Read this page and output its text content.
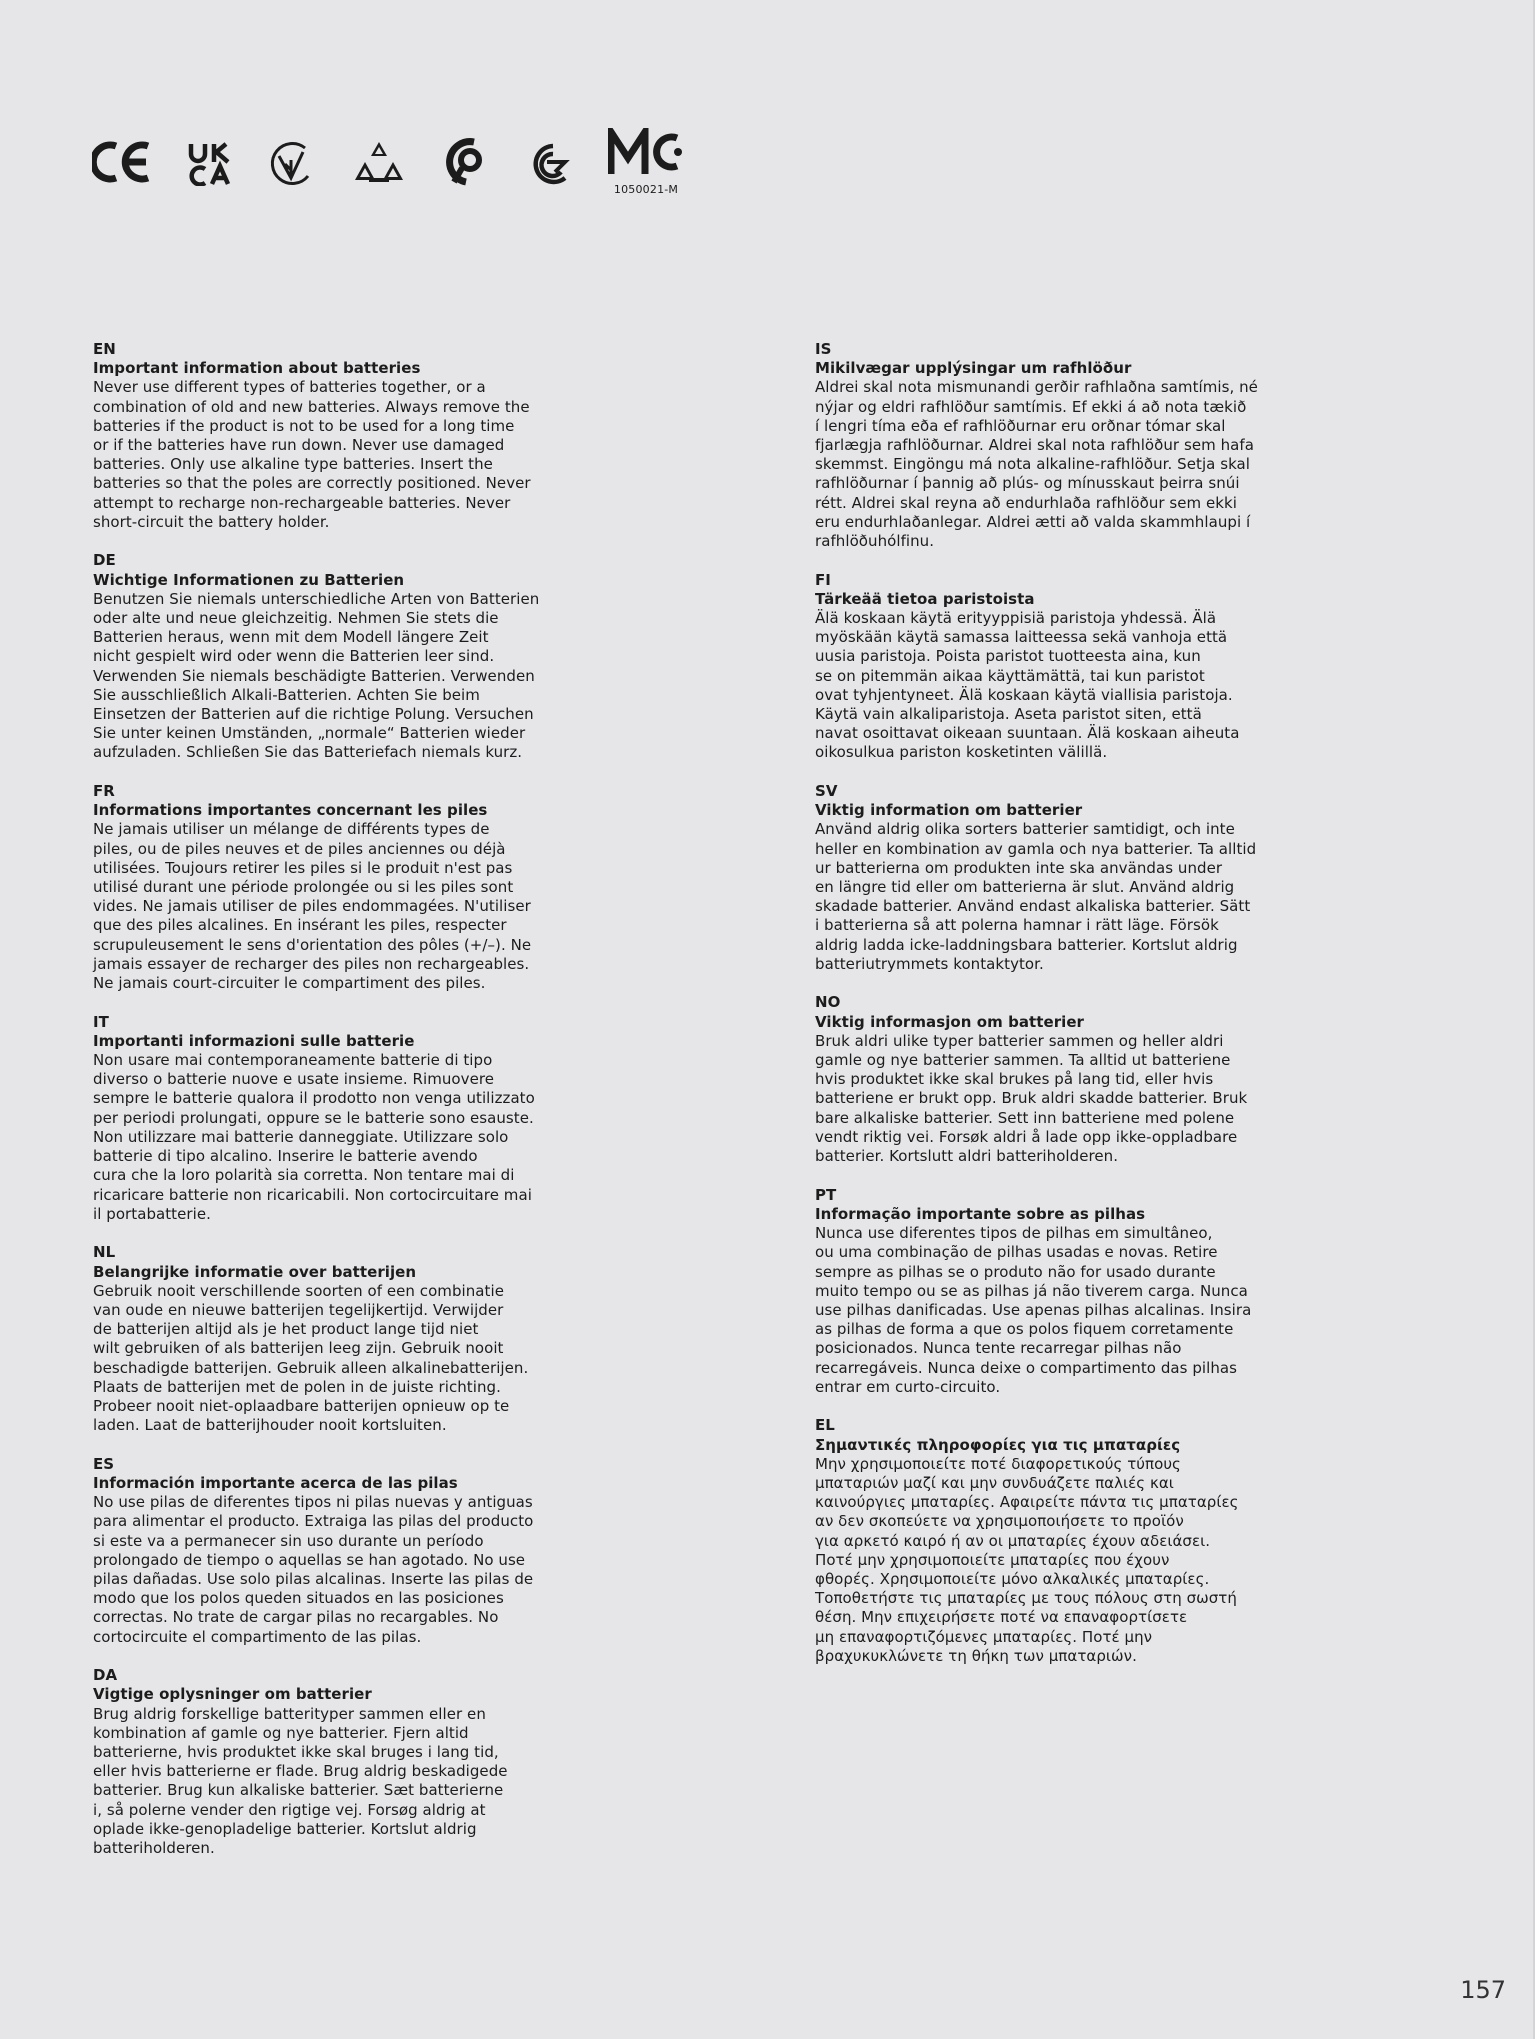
1050021-M
EN
Important information about batteries
Never use different types of batteries together, or a
combination of old and new batteries. Always remove the
batteries if the product is not to be used for a long time
or if the batteries have run down. Never use damaged
batteries. Only use alkaline type batteries. Insert the
batteries so that the poles are correctly positioned. Never
attempt to recharge non-rechargeable batteries. Never
short-circuit the battery holder.
DE
Wichtige Informationen zu Batterien
Benutzen Sie niemals unterschiedliche Arten von Batterien
oder alte und neue gleichzeitig. Nehmen Sie stets die
Batterien heraus, wenn mit dem Modell längere Zeit
nicht gespielt wird oder wenn die Batterien leer sind.
Verwenden Sie niemals beschädigte Batterien. Verwenden
Sie ausschließlich Alkali-Batterien. Achten Sie beim
Einsetzen der Batterien auf die richtige Polung. Versuchen
Sie unter keinen Umständen, „normale“ Batterien wieder
aufzuladen. Schließen Sie das Batteriefach niemals kurz.
FR
Informations importantes concernant les piles
Ne jamais utiliser un mélange de différents types de
piles, ou de piles neuves et de piles anciennes ou déjà
utilisées. Toujours retirer les piles si le produit n'est pas
utilisé durant une période prolongée ou si les piles sont
vides. Ne jamais utiliser de piles endommagées. N'utiliser
que des piles alcalines. En insérant les piles, respecter
scrupuleusement le sens d'orientation des pôles (+/–). Ne
jamais essayer de recharger des piles non rechargeables.
Ne jamais court-circuiter le compartiment des piles.
IT
Importanti informazioni sulle batterie
Non usare mai contemporaneamente batterie di tipo
diverso o batterie nuove e usate insieme. Rimuovere
sempre le batterie qualora il prodotto non venga utilizzato
per periodi prolungati, oppure se le batterie sono esauste.
Non utilizzare mai batterie danneggiate. Utilizzare solo
batterie di tipo alcalino. Inserire le batterie avendo
cura che la loro polarità sia corretta. Non tentare mai di
ricaricare batterie non ricaricabili. Non cortocircuitare mai
il portabatterie.
NL
Belangrijke informatie over batterijen
Gebruik nooit verschillende soorten of een combinatie
van oude en nieuwe batterijen tegelijkertijd. Verwijder
de batterijen altijd als je het product lange tijd niet
wilt gebruiken of als batterijen leeg zijn. Gebruik nooit
beschadigde batterijen. Gebruik alleen alkalinebatterijen.
Plaats de batterijen met de polen in de juiste richting.
Probeer nooit niet-oplaadbare batterijen opnieuw op te
laden. Laat de batterijhouder nooit kortsluiten.
ES
Información importante acerca de las pilas
No use pilas de diferentes tipos ni pilas nuevas y antiguas
para alimentar el producto. Extraiga las pilas del producto
si este va a permanecer sin uso durante un período
prolongado de tiempo o aquellas se han agotado. No use
pilas dañadas. Use solo pilas alcalinas. Inserte las pilas de
modo que los polos queden situados en las posiciones
correctas. No trate de cargar pilas no recargables. No
cortocircuite el compartimento de las pilas.
DA
Vigtige oplysninger om batterier
Brug aldrig forskellige batterityper sammen eller en
kombination af gamle og nye batterier. Fjern altid
batterierne, hvis produktet ikke skal bruges i lang tid,
eller hvis batterierne er flade. Brug aldrig beskadigede
batterier. Brug kun alkaliske batterier. Sæt batterierne
i, så polerne vender den rigtige vej. Forsøg aldrig at
oplade ikke-genopladelige batterier. Kortslut aldrig
batteriholderen.
IS
Mikilvægar upplýsingar um rafhlöður
Aldrei skal nota mismunandi gerðir rafhlaðna samtímis, né
nýjar og eldri rafhlöður samtímis. Ef ekki á að nota tækið
í lengri tíma eða ef rafhlöðurnar eru orðnar tómar skal
fjarlægja rafhlöðurnar. Aldrei skal nota rafhlöður sem hafa
skemmst. Eingöngu má nota alkaline-rafhlöður. Setja skal
rafhlöðurnar í þannig að plús- og mínusskaut þeirra snúi
rétt. Aldrei skal reyna að endurhlaða rafhlöður sem ekki
eru endurhlaðanlegar. Aldrei ætti að valda skammhlaupi í
rafhlöðuhólfinu.
FI
Tärkeää tietoa paristoista
Älä koskaan käytä erityyppisiä paristoja yhdessä. Älä
myöskään käytä samassa laitteessa sekä vanhoja että
uusia paristoja. Poista paristot tuotteesta aina, kun
se on pitemmän aikaa käyttämättä, tai kun paristot
ovat tyhjentyneet. Älä koskaan käytä viallisia paristoja.
Käytä vain alkaliparistoja. Aseta paristot siten, että
navat osoittavat oikeaan suuntaan. Älä koskaan aiheuta
oikosulkua pariston kosketinten välillä.
SV
Viktig information om batterier
Använd aldrig olika sorters batterier samtidigt, och inte
heller en kombination av gamla och nya batterier. Ta alltid
ur batterierna om produkten inte ska användas under
en längre tid eller om batterierna är slut. Använd aldrig
skadade batterier. Använd endast alkaliska batterier. Sätt
i batterierna så att polerna hamnar i rätt läge. Försök
aldrig ladda icke-laddningsbara batterier. Kortslut aldrig
batteriutrymmets kontaktytor.
NO
Viktig informasjon om batterier
Bruk aldri ulike typer batterier sammen og heller aldri
gamle og nye batterier sammen. Ta alltid ut batteriene
hvis produktet ikke skal brukes på lang tid, eller hvis
batteriene er brukt opp. Bruk aldri skadde batterier. Bruk
bare alkaliske batterier. Sett inn batteriene med polene
vendt riktig vei. Forsøk aldri å lade opp ikke-oppladbare
batterier. Kortslutt aldri batteriholderen.
PT
Informação importante sobre as pilhas
Nunca use diferentes tipos de pilhas em simultâneo,
ou uma combinação de pilhas usadas e novas. Retire
sempre as pilhas se o produto não for usado durante
muito tempo ou se as pilhas já não tiverem carga. Nunca
use pilhas danificadas. Use apenas pilhas alcalinas. Insira
as pilhas de forma a que os polos fiquem corretamente
posicionados. Nunca tente recarregar pilhas não
recarregáveis. Nunca deixe o compartimento das pilhas
entrar em curto-circuito.
EL
Σημαντικές πληροφορίες για τις μπαταρίες
Μην χρησιμοποιείτε ποτέ διαφορετικούς τύπους
μπαταριών μαζί και μην συνδυάζετε παλιές και
καινούργιες μπαταρίες. Αφαιρείτε πάντα τις μπαταρίες
αν δεν σκοπεύετε να χρησιμοποιήσετε το προϊόν
για αρκετό καιρό ή αν οι μπαταρίες έχουν αδειάσει.
Ποτέ μην χρησιμοποιείτε μπαταρίες που έχουν
φθορές. Χρησιμοποιείτε μόνο αλκαλικές μπαταρίες.
Τοποθετήστε τις μπαταρίες με τους πόλους στη σωστή
θέση. Μην επιχειρήσετε ποτέ να επαναφορτίσετε
μη επαναφορτιζόμενες μπαταρίες. Ποτέ μην
βραχυκυκλώνετε τη θήκη των μπαταριών.
157
